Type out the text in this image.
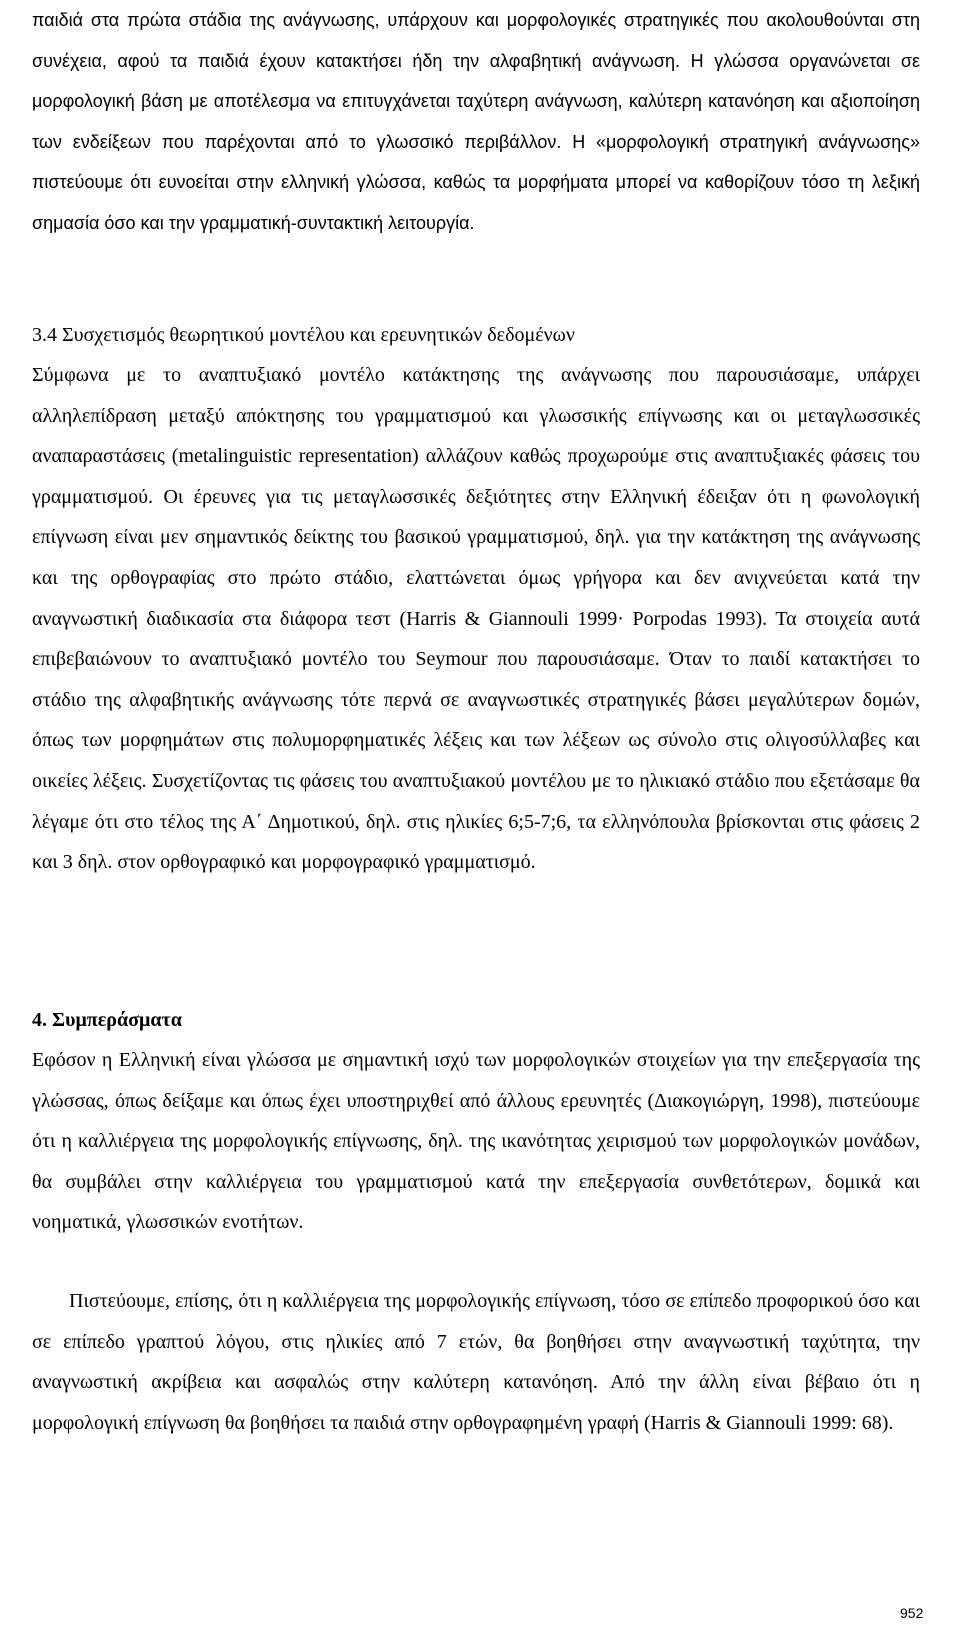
παιδιά στα πρώτα στάδια της ανάγνωσης, υπάρχουν και μορφολογικές στρατηγικές που ακολουθούνται στη συνέχεια, αφού τα παιδιά έχουν κατακτήσει ήδη την αλφαβητική ανάγνωση. Η γλώσσα οργανώνεται σε μορφολογική βάση με αποτέλεσμα να επιτυγχάνεται ταχύτερη ανάγνωση, καλύτερη κατανόηση και αξιοποίηση των ενδείξεων που παρέχονται από το γλωσσικό περιβάλλον. Η «μορφολογική στρατηγική ανάγνωσης» πιστεύουμε ότι ευνοείται στην ελληνική γλώσσα, καθώς τα μορφήματα μπορεί να καθορίζουν τόσο τη λεξική σημασία όσο και την γραμματική-συντακτική λειτουργία.

3.4 Συσχετισμός θεωρητικού μοντέλου και ερευνητικών δεδομένων

Σύμφωνα με το αναπτυξιακό μοντέλο κατάκτησης της ανάγνωσης που παρουσιάσαμε, υπάρχει αλληλεπίδραση μεταξύ απόκτησης του γραμματισμού και γλωσσικής επίγνωσης και οι μεταγλωσσικές αναπαραστάσεις (metalinguistic representation) αλλάζουν καθώς προχωρούμε στις αναπτυξιακές φάσεις του γραμματισμού. Οι έρευνες για τις μεταγλωσσικές δεξιότητες στην Ελληνική έδειξαν ότι η φωνολογική επίγνωση είναι μεν σημαντικός δείκτης του βασικού γραμματισμού, δηλ. για την κατάκτηση της ανάγνωσης και της ορθογραφίας στο πρώτο στάδιο, ελαττώνεται όμως γρήγορα και δεν ανιχνεύεται κατά την αναγνωστική διαδικασία στα διάφορα τεστ (Harris & Giannouli 1999· Porpodas 1993). Τα στοιχεία αυτά επιβεβαιώνουν το αναπτυξιακό μοντέλο του Seymour που παρουσιάσαμε. Όταν το παιδί κατακτήσει το στάδιο της αλφαβητικής ανάγνωσης τότε περνά σε αναγνωστικές στρατηγικές βάσει μεγαλύτερων δομών, όπως των μορφημάτων στις πολυμορφηματικές λέξεις και των λέξεων ως σύνολο στις ολιγοσύλλαβες και οικείες λέξεις. Συσχετίζοντας τις φάσεις του αναπτυξιακού μοντέλου με το ηλικιακό στάδιο που εξετάσαμε θα λέγαμε ότι στο τέλος της Α΄ Δημοτικού, δηλ. στις ηλικίες 6;5-7;6, τα ελληνόπουλα βρίσκονται στις φάσεις 2 και 3 δηλ. στον ορθογραφικό και μορφογραφικό γραμματισμό.

4. Συμπεράσματα

Εφόσον η Ελληνική είναι γλώσσα με σημαντική ισχύ των μορφολογικών στοιχείων για την επεξεργασία της γλώσσας, όπως δείξαμε και όπως έχει υποστηριχθεί από άλλους ερευνητές (Διακογιώργη, 1998), πιστεύουμε ότι η καλλιέργεια της μορφολογικής επίγνωσης, δηλ. της ικανότητας χειρισμού των μορφολογικών μονάδων, θα συμβάλει στην καλλιέργεια του γραμματισμού κατά την επεξεργασία συνθετότερων, δομικά και νοηματικά, γλωσσικών ενοτήτων.

Πιστεύουμε, επίσης, ότι η καλλιέργεια της μορφολογικής επίγνωση, τόσο σε επίπεδο προφορικού όσο και σε επίπεδο γραπτού λόγου, στις ηλικίες από 7 ετών, θα βοηθήσει στην αναγνωστική ταχύτητα, την αναγνωστική ακρίβεια και ασφαλώς στην καλύτερη κατανόηση. Από την άλλη είναι βέβαιο ότι η μορφολογική επίγνωση θα βοηθήσει τα παιδιά στην ορθογραφημένη γραφή (Harris & Giannouli 1999: 68).

952
